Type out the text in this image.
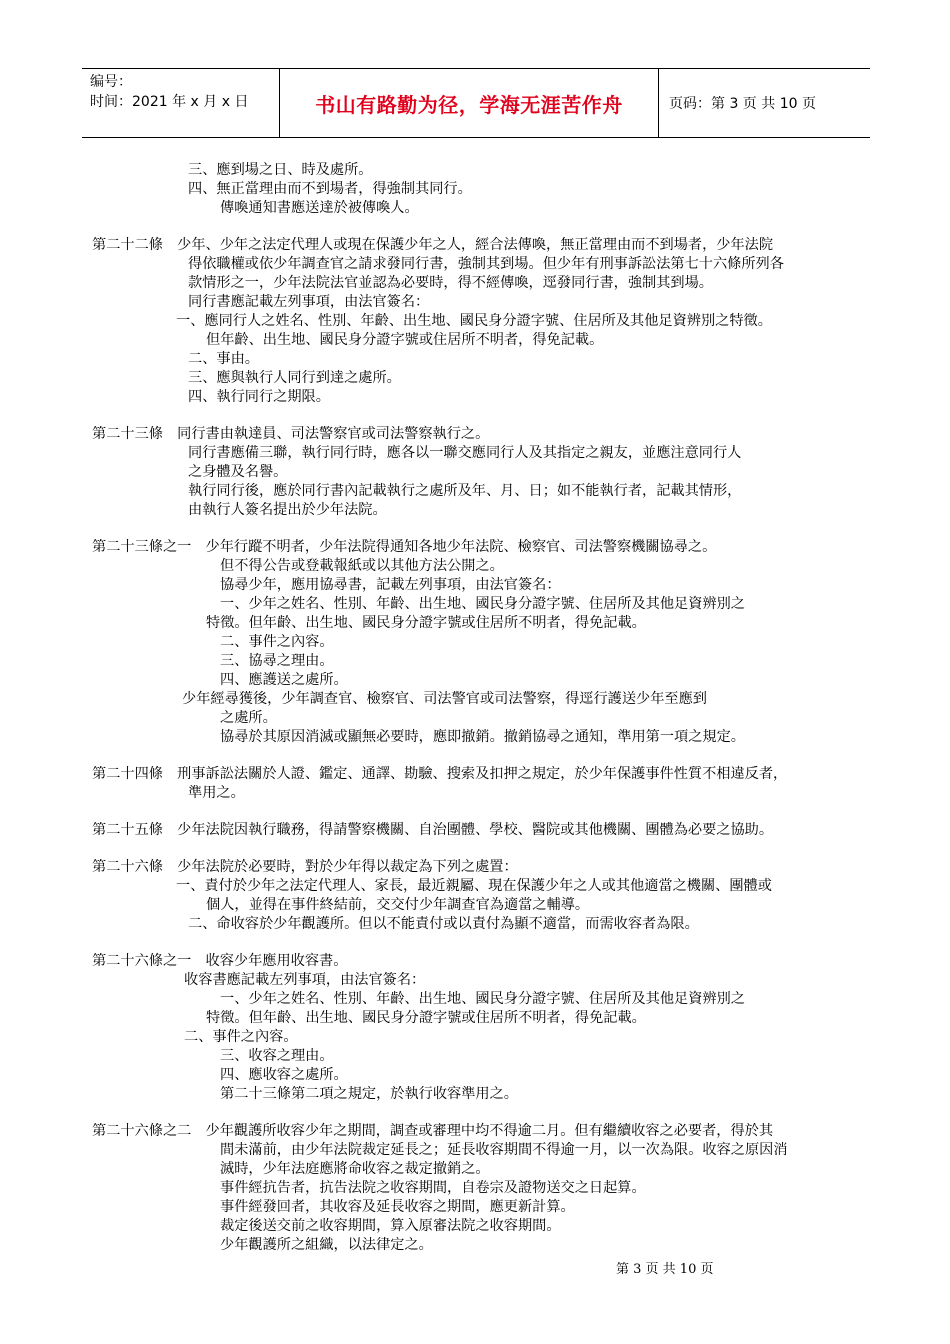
编号：
时间：2021 年 x 月 x 日	书山有路勤为径，学海无涯苦作舟	页码：第 3 页 共 10 页
三、應到場之日、時及處所。
四、無正當理由而不到場者，得強制其同行。
傳喚通知書應送達於被傳喚人。
第二十二條　少年、少年之法定代理人或現在保護少年之人，經合法傳喚，無正當理由而不到場者，少年法院
得依職權或依少年調查官之請求發同行書，強制其到場。但少年有刑事訴訟法第七十六條所列各
款情形之一，少年法院法官並認為必要時，得不經傳喚，逕發同行書，強制其到場。
同行書應記載左列事項，由法官簽名：
一、應同行人之姓名、性別、年齡、出生地、國民身分證字號、住居所及其他足資辨別之特徵。
但年齡、出生地、國民身分證字號或住居所不明者，得免記載。
二、事由。
三、應與執行人同行到達之處所。
四、執行同行之期限。
第二十三條　同行書由執達員、司法警察官或司法警察執行之。
同行書應備三聯，執行同行時，應各以一聯交應同行人及其指定之親友，並應注意同行人
之身體及名譽。
執行同行後，應於同行書內記載執行之處所及年、月、日；如不能執行者，記載其情形，
由執行人簽名提出於少年法院。
第二十三條之一　少年行蹤不明者，少年法院得通知各地少年法院、檢察官、司法警察機關協尋之。
但不得公告或登載報紙或以其他方法公開之。
協尋少年，應用協尋書，記載左列事項，由法官簽名：
一、少年之姓名、性別、年齡、出生地、國民身分證字號、住居所及其他足資辨別之
特徵。但年齡、出生地、國民身分證字號或住居所不明者，得免記載。
二、事件之內容。
三、協尋之理由。
四、應護送之處所。
少年經尋獲後，少年調查官、檢察官、司法警官或司法警察，得逕行護送少年至應到
之處所。
協尋於其原因消滅或顯無必要時，應即撤銷。撤銷協尋之通知，準用第一項之規定。
第二十四條　刑事訴訟法關於人證、鑑定、通譯、勘驗、搜索及扣押之規定，於少年保護事件性質不相違反者，
準用之。
第二十五條　少年法院因執行職務，得請警察機關、自治團體、學校、醫院或其他機關、團體為必要之協助。
第二十六條　少年法院於必要時，對於少年得以裁定為下列之處置：
一、責付於少年之法定代理人、家長，最近親屬、現在保護少年之人或其他適當之機關、團體或
個人，並得在事件終結前，交交付少年調查官為適當之輔導。
二、命收容於少年觀護所。但以不能責付或以責付為顯不適當，而需收容者為限。
第二十六條之一　收容少年應用收容書。
收容書應記載左列事項，由法官簽名：
一、少年之姓名、性別、年齡、出生地、國民身分證字號、住居所及其他足資辨別之
特徵。但年齡、出生地、國民身分證字號或住居所不明者，得免記載。
二、事件之內容。
三、收容之理由。
四、應收容之處所。
第二十三條第二項之規定，於執行收容準用之。
第二十六條之二　少年觀護所收容少年之期間，調查或審理中均不得逾二月。但有繼續收容之必要者，得於其
間未滿前，由少年法院裁定延長之；延長收容期間不得逾一月，以一次為限。收容之原因消
滅時，少年法庭應將命收容之裁定撤銷之。
事件經抗告者，抗告法院之收容期間，自卷宗及證物送交之日起算。
事件經發回者，其收容及延長收容之期間，應更新計算。
裁定後送交前之收容期間，算入原審法院之收容期間。
少年觀護所之組織，以法律定之。
第 3 页 共 10 页
